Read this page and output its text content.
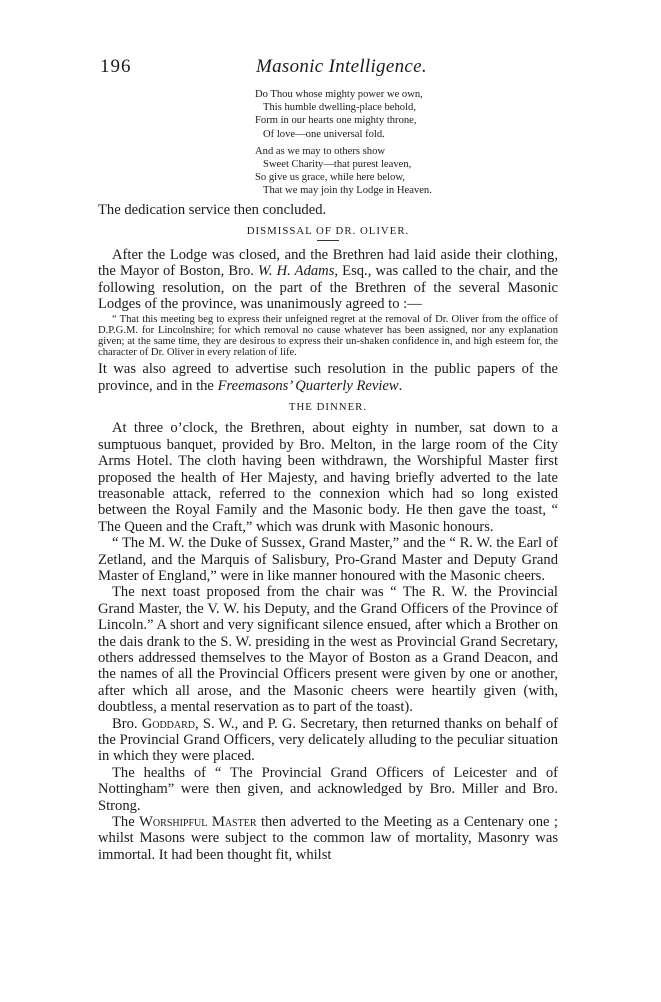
196	Masonic Intelligence.
Do Thou whose mighty power we own,
This humble dwelling-place behold,
Form in our hearts one mighty throne,
Of love—one universal fold.
And as we may to others show
Sweet Charity—that purest leaven,
So give us grace, while here below,
That we may join thy Lodge in Heaven.

The dedication service then concluded.

DISMISSAL OF DR. OLIVER.

After the Lodge was closed, and the Brethren had laid aside their clothing, the Mayor of Boston, Bro. W. H. Adams, Esq., was called to the chair, and the following resolution, on the part of the Brethren of the several Masonic Lodges of the province, was unanimously agreed to :—

“ That this meeting beg to express their unfeigned regret at the removal of Dr. Oliver from the office of D.P.G.M. for Lincolnshire; for which removal no cause whatever has been assigned, nor any explanation given; at the same time, they are desirous to express their un-shaken confidence in, and high esteem for, the character of Dr. Oliver in every relation of life.

It was also agreed to advertise such resolution in the public papers of the province, and in the Freemasons’ Quarterly Review.

THE DINNER.

At three o’clock, the Brethren, about eighty in number, sat down to a sumptuous banquet, provided by Bro. Melton, in the large room of the City Arms Hotel. The cloth having been withdrawn, the Worshipful Master first proposed the health of Her Majesty, and having briefly adverted to the late treasonable attack, referred to the connexion which had so long existed between the Royal Family and the Masonic body. He then gave the toast, “ The Queen and the Craft,” which was drunk with Masonic honours.

“ The M. W. the Duke of Sussex, Grand Master,” and the “ R. W. the Earl of Zetland, and the Marquis of Salisbury, Pro-Grand Master and Deputy Grand Master of England,” were in like manner honoured with the Masonic cheers.

The next toast proposed from the chair was “ The R. W. the Provincial Grand Master, the V. W. his Deputy, and the Grand Officers of the Province of Lincoln.” A short and very significant silence ensued, after which a Brother on the dais drank to the S. W. presiding in the west as Provincial Grand Secretary, others addressed themselves to the Mayor of Boston as a Grand Deacon, and the names of all the Provincial Officers present were given by one or another, after which all arose, and the Masonic cheers were heartily given (with, doubtless, a mental reservation as to part of the toast).

Bro. Goddard, S. W., and P. G. Secretary, then returned thanks on behalf of the Provincial Grand Officers, very delicately alluding to the peculiar situation in which they were placed.

The healths of “ The Provincial Grand Officers of Leicester and of Nottingham” were then given, and acknowledged by Bro. Miller and Bro. Strong.

The Worshipful Master then adverted to the Meeting as a Centenary one ; whilst Masons were subject to the common law of mortality, Masonry was immortal. It had been thought fit, whilst
